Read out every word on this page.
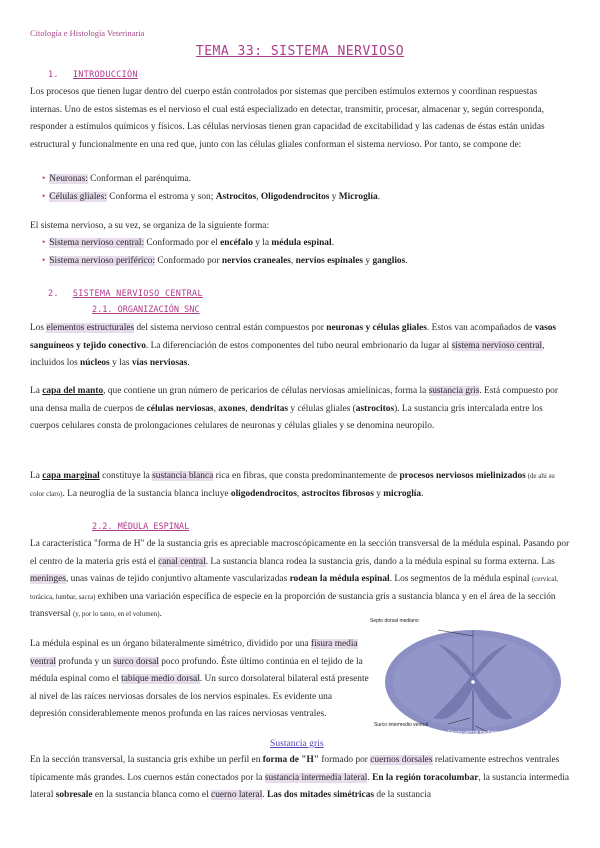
Citología e Histología Veterinaria
TEMA 33: SISTEMA NERVIOSO
1. INTRODUCCIÓN
Los procesos que tienen lugar dentro del cuerpo están controlados por sistemas que perciben estímulos externos y coordinan respuestas internas. Uno de estos sistemas es el nervioso el cual está especializado en detectar, transmitir, procesar, almacenar y, según corresponda, responder a estímulos químicos y físicos. Las células nerviosas tienen gran capacidad de excitabilidad y las cadenas de éstas están unidas estructural y funcionalmente en una red que, junto con las células gliales conforman el sistema nervioso. Por tanto, se compone de:
• Neuronas: Conforman el parénquima.
• Células gliales: Conforma el estroma y son; Astrocitos, Oligodendrocitos y Microglía.
El sistema nervioso, a su vez, se organiza de la siguiente forma:
• Sistema nervioso central: Conformado por el encéfalo y la médula espinal.
• Sistema nervioso periférico: Conformado por nervios craneales, nervios espinales y ganglios.
2. SISTEMA NERVIOSO CENTRAL
2.1. ORGANIZACIÓN SNC
Los elementos estructurales del sistema nervioso central están compuestos por neuronas y células gliales. Estos van acompañados de vasos sanguíneos y tejido conectivo. La diferenciación de estos componentes del tubo neural embrionario da lugar al sistema nervioso central, incluidos los núcleos y las vías nerviosas.
La capa del manto, que contiene un gran número de pericarios de células nerviosas amielínicas, forma la sustancia gris. Está compuesto por una densa malla de cuerpos de células nerviosas, axones, dendritas y células gliales (astrocitos). La sustancia gris intercalada entre los cuerpos celulares consta de prolongaciones celulares de neuronas y células gliales y se denomina neuropilo.
La capa marginal constituye la sustancia blanca rica en fibras, que consta predominantemente de procesos nerviosos mielinizados (de ahí su color claro). La neuroglía de la sustancia blanca incluye oligodendrocitos, astrocitos fibrosos y microglía.
2.2. MÉDULA ESPINAL
La característica "forma de H" de la sustancia gris es apreciable macroscópicamente en la sección transversal de la médula espinal. Pasando por el centro de la materia gris está el canal central. La sustancia blanca rodea la sustancia gris, dando a la médula espinal su forma externa. Las meninges, unas vainas de tejido conjuntivo altamente vascularizadas rodean la médula espinal. Los segmentos de la médula espinal (cervical, torácica, lumbar, sacra) exhiben una variación específica de especie en la proporción de sustancia gris a sustancia blanca y en el área de la sección transversal (y, por lo tanto, en el volumen).
La médula espinal es un órgano bilateralmente simétrico, dividido por una fisura media ventral profunda y un surco dorsal poco profundo. Éste último continúa en el tejido de la médula espinal como el tabique medio dorsal. Un surco dorsolateral bilateral está presente al nivel de las raíces nerviosas dorsales de los nervios espinales. Es evidente una depresión considerablemente menos profunda en las raíces nerviosas ventrales.
Septo dorsal mediano
Surco intermedio ventral
Fisura ventral mediana
Sustancia gris
En la sección transversal, la sustancia gris exhibe un perfil en forma de "H" formado por cuernos dorsales relativamente estrechos ventrales típicamente más grandes. Los cuernos están conectados por la sustancia intermedia lateral. En la región toracolumbar, la sustancia intermedia lateral sobresale en la sustancia blanca como el cuerno lateral. Las dos mitades simétricas de la sustancia
